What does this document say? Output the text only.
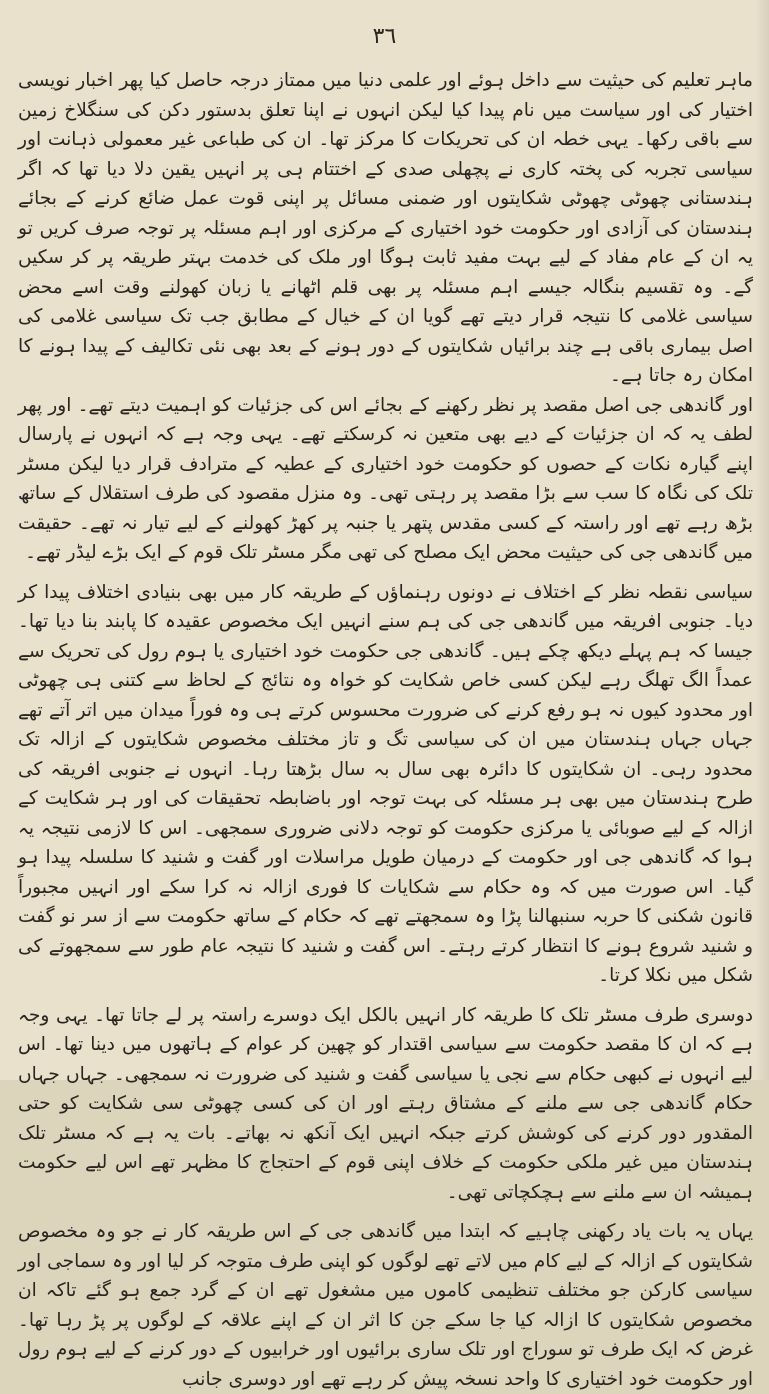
٣٦

ماہر تعلیم کی حیثیت سے داخل ہوئے اور علمی دنیا میں ممتاز درجہ حاصل کیا پھر اخبار نویسی اختیار کی اور سیاست میں نام پیدا کیا لیکن انہوں نے اپنا تعلق بدستور دکن کی سنگلاخ زمین سے باقی رکھا۔ یہی خطہ ان کی تحریکات کا مرکز تھا۔ ان کی طباعی غیر معمولی ذہانت اور سیاسی تجربہ کی پختہ کاری نے پچھلی صدی کے اختتام ہی پر انہیں یقین دلا دیا تھا کہ اگر ہندستانی چھوٹی چھوٹی شکایتوں اور ضمنی مسائل پر اپنی قوت عمل ضائع کرنے کے بجائے ہندستان کی آزادی اور حکومت خود اختیاری کے مرکزی اور اہم مسئلہ پر توجہ صرف کریں تو یہ ان کے عام مفاد کے لیے بہت مفید ثابت ہوگا اور ملک کی خدمت بہتر طریقہ پر کر سکیں گے۔ وہ تقسیم بنگالہ جیسے اہم مسئلہ پر بھی قلم اٹھانے یا زبان کھولنے وقت اسے محض سیاسی غلامی کا نتیجہ قرار دیتے تھے گویا ان کے خیال کے مطابق جب تک سیاسی غلامی کی اصل بیماری باقی ہے چند برائیاں شکایتوں کے دور ہونے کے بعد بھی نئی تکالیف کے پیدا ہونے کا امکان رہ جاتا ہے۔

اور گاندھی جی اصل مقصد پر نظر رکھنے کے بجائے اس کی جزئیات کو اہمیت دیتے تھے۔ اور پھر لطف یہ کہ ان جزئیات کے دیے بھی متعین نہ کرسکتے تھے۔ یہی وجہ ہے کہ انہوں نے پارسال اپنے گیارہ نکات کے حصوں کو حکومت خود اختیاری کے عطیہ کے مترادف قرار دیا لیکن مسٹر تلک کی نگاہ کا سب سے بڑا مقصد پر رہتی تھی۔ وہ منزل مقصود کی طرف استقلال کے ساتھ بڑھ رہے تھے اور راستہ کے کسی مقدس پتھر یا جنبہ پر کھڑ کھولنے کے لیے تیار نہ تھے۔ حقیقت میں گاندھی جی کی حیثیت محض ایک مصلح کی تھی مگر مسٹر تلک قوم کے ایک بڑے لیڈر تھے۔

سیاسی نقطہ نظر کے اختلاف نے دونوں رہنماؤں کے طریقہ کار میں بھی بنیادی اختلاف پیدا کر دیا۔ جنوبی افریقہ میں گاندھی جی کی ہم سنے انہیں ایک مخصوص عقیدہ کا پابند بنا دیا تھا۔ جیسا کہ ہم پہلے دیکھ چکے ہیں۔ گاندھی جی حکومت خود اختیاری یا ہوم رول کی تحریک سے عمداً الگ تھلگ رہے لیکن کسی خاص شکایت کو خواہ وہ نتائج کے لحاظ سے کتنی ہی چھوٹی اور محدود کیوں نہ ہو رفع کرنے کی ضرورت محسوس کرتے ہی وہ فوراً میدان میں اتر آتے تھے جہاں جہاں ہندستان میں ان کی سیاسی تگ و تاز مختلف مخصوص شکایتوں کے ازالہ تک محدود رہی۔ ان شکایتوں کا دائرہ بھی سال بہ سال بڑھتا رہا۔ انہوں نے جنوبی افریقہ کی طرح ہندستان میں بھی ہر مسئلہ کی بہت توجہ اور باضابطہ تحقیقات کی اور ہر شکایت کے ازالہ کے لیے صوبائی یا مرکزی حکومت کو توجہ دلانی ضروری سمجھی۔ اس کا لازمی نتیجہ یہ ہوا کہ گاندھی جی اور حکومت کے درمیان طویل مراسلات اور گفت و شنید کا سلسلہ پیدا ہو گیا۔ اس صورت میں کہ وہ حکام سے شکایات کا فوری ازالہ نہ کرا سکے اور انہیں مجبوراً قانون شکنی کا حربہ سنبھالنا پڑا وہ سمجھتے تھے کہ حکام کے ساتھ حکومت سے از سر نو گفت و شنید شروع ہونے کا انتظار کرتے رہتے۔ اس گفت و شنید کا نتیجہ عام طور سے سمجھوتے کی شکل میں نکلا کرتا۔

دوسری طرف مسٹر تلک کا طریقہ کار انہیں بالکل ایک دوسرے راستہ پر لے جاتا تھا۔ یہی وجہ ہے کہ ان کا مقصد حکومت سے سیاسی اقتدار کو چھین کر عوام کے ہاتھوں میں دینا تھا۔ اس لیے انہوں نے کبھی حکام سے نجی یا سیاسی گفت و شنید کی ضرورت نہ سمجھی۔ جہاں جہاں حکام گاندھی جی سے ملنے کے مشتاق رہتے اور ان کی کسی چھوٹی سی شکایت کو حتی المقدور دور کرنے کی کوشش کرتے جبکہ انہیں ایک آنکھ نہ بھاتے۔ بات یہ ہے کہ مسٹر تلک ہندستان میں غیر ملکی حکومت کے خلاف اپنی قوم کے احتجاج کا مظہر تھے اس لیے حکومت ہمیشہ ان سے ملنے سے ہچکچاتی تھی۔

یہاں یہ بات یاد رکھنی چاہیے کہ ابتدا میں گاندھی جی کے اس طریقہ کار نے جو وہ مخصوص شکایتوں کے ازالہ کے لیے کام میں لاتے تھے لوگوں کو اپنی طرف متوجہ کر لیا اور وہ سماجی اور سیاسی کارکن جو مختلف تنظیمی کاموں میں مشغول تھے ان کے گرد جمع ہو گئے تاکہ ان مخصوص شکایتوں کا ازالہ کیا جا سکے جن کا اثر ان کے اپنے علاقہ کے لوگوں پر پڑ رہا تھا۔ غرض کہ ایک طرف تو سوراج اور تلک ساری برائیوں اور خرابیوں کے دور کرنے کے لیے ہوم رول اور حکومت خود اختیاری کا واحد نسخہ پیش کر رہے تھے اور دوسری جانب
